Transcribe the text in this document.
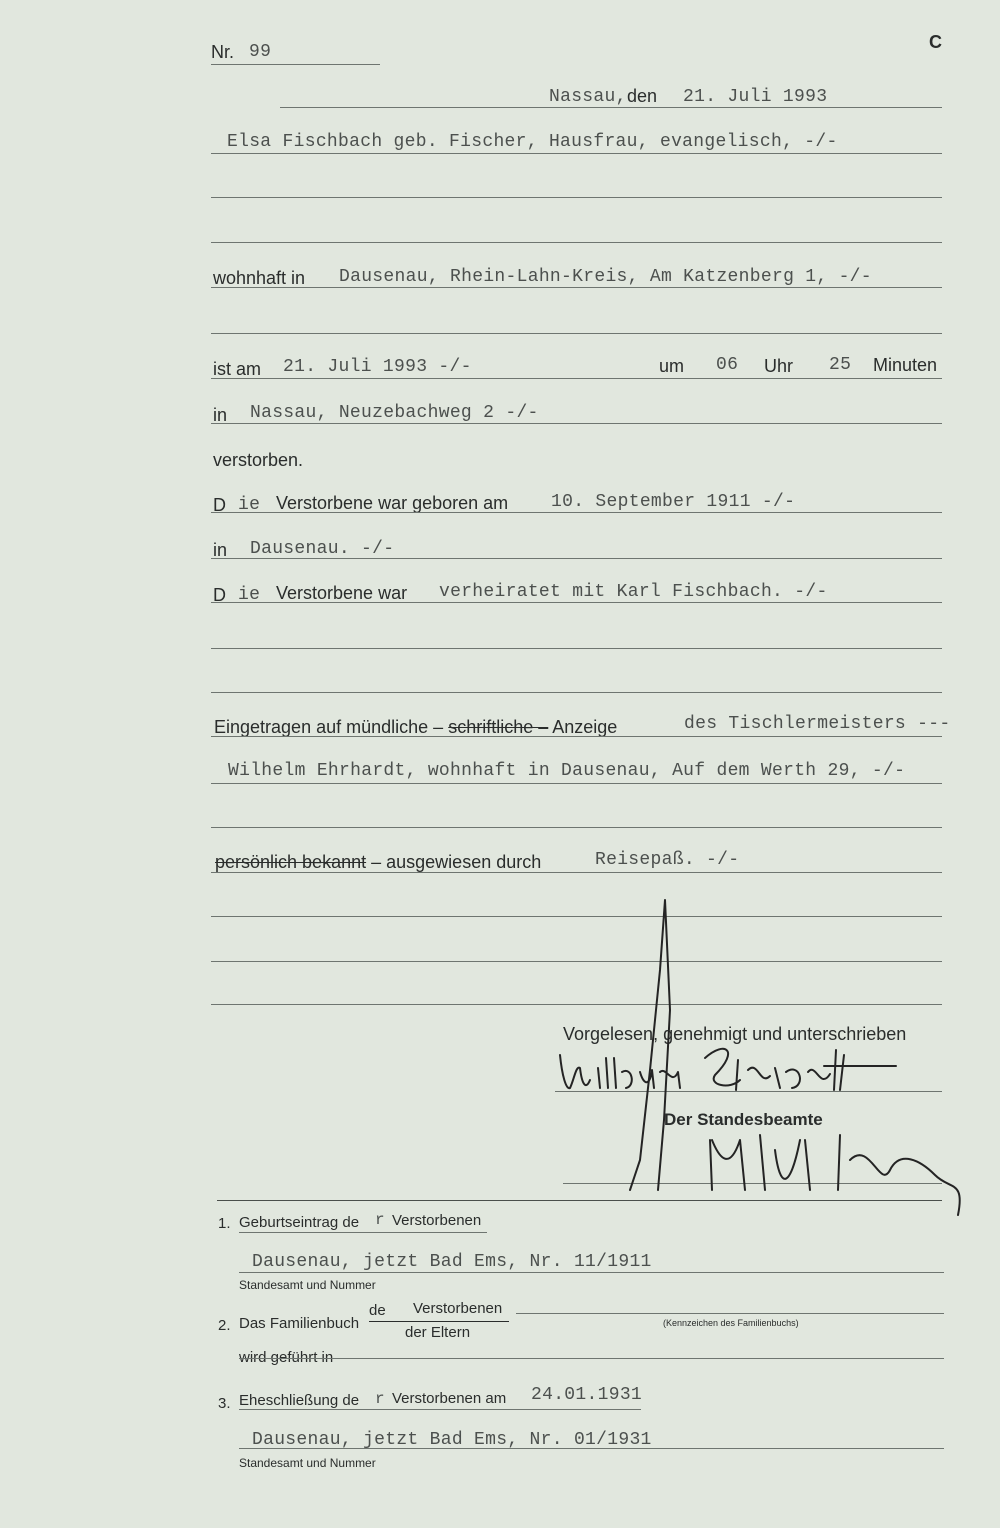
C
Nr. 99
Nassau, den 21. Juli 1993
Elsa Fischbach geb. Fischer, Hausfrau, evangelisch, -/-
wohnhaft in Dausenau, Rhein-Lahn-Kreis, Am Katzenberg 1, -/-
ist am 21. Juli 1993 -/-	um 06 Uhr 25 Minuten
in Nassau, Neuzebachweg 2 -/-
verstorben.
D ie Verstorbene war geboren am 10. September 1911 -/-
in Dausenau. -/-
D ie Verstorbene war verheiratet mit Karl Fischbach. -/-
Eingetragen auf mündliche – schriftliche – Anzeige	des Tischlermeisters ---
Wilhelm Ehrhardt, wohnhaft in Dausenau, Auf dem Werth 29, -/-
persönlich bekannt – ausgewiesen durch	Reisepaß. -/-
Vorgelesen, genehmigt und unterschrieben
Der Standesbeamte
1. Geburtseintrag de r Verstorbenen
Dausenau, jetzt Bad Ems, Nr. 11/1911
Standesamt und Nummer
2. Das Familienbuch
de Verstorbenen
der Eltern
(Kennzeichen des Familienbuchs)
wird geführt in
3. Eheschließung de r Verstorbenen am 24.01.1931
Dausenau, jetzt Bad Ems, Nr. 01/1931
Standesamt und Nummer
